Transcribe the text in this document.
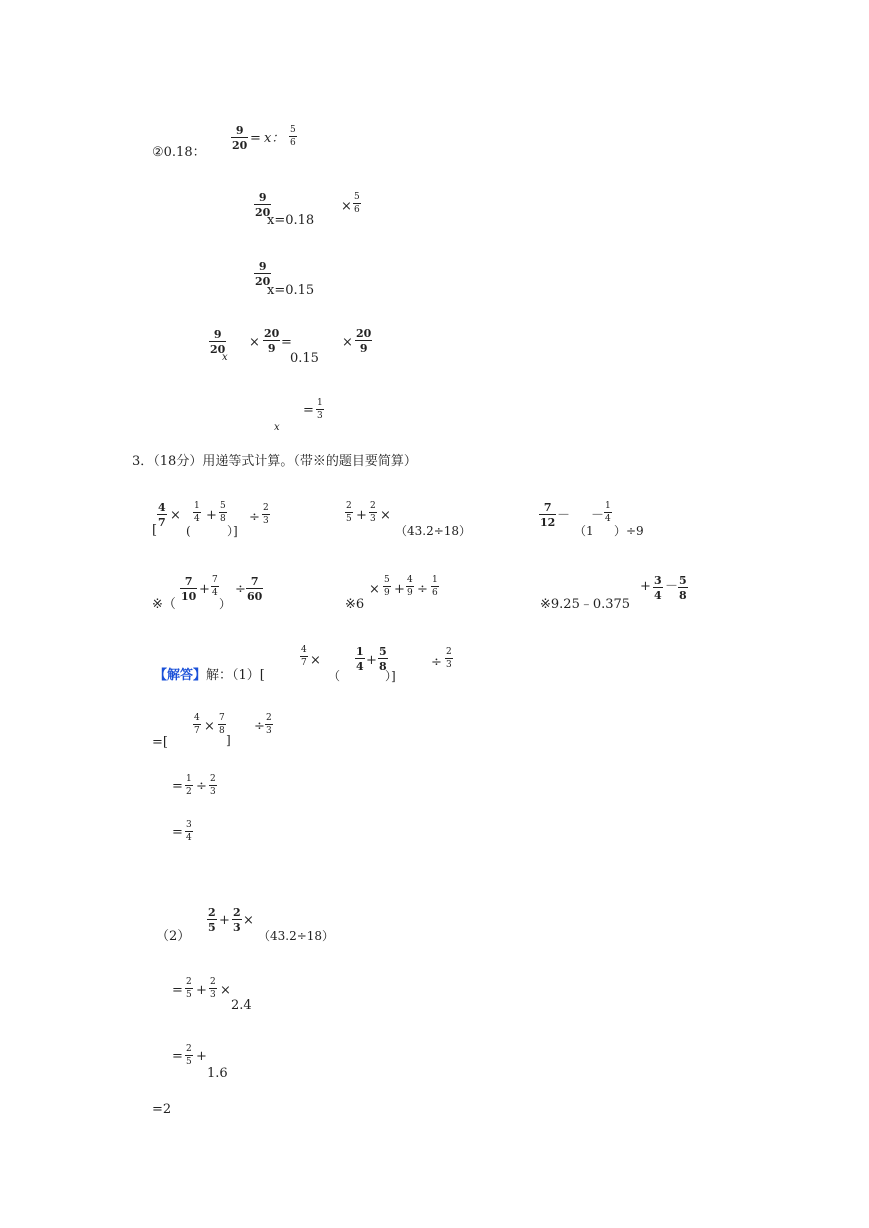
②0.18：
9
20 = x：
5
6
9
20
x=0.18
×
5
6
9
20
x=0.15
9
20
x
×
20
9 =
0.15
×
20
9
x
= 1
3
3．（18分）用递等式计算。（带※的题目要简算）
[
4
7 ×
(
1
4 +
5
8
）]
÷
2
3
2
5 +
2
3 ×
（43.2÷18）
7
12 － －
（1
1
4
）÷9
※（
7
10 +
7
4
）
÷
7
60
※6
×
5
9 +
4
9 ÷
1
6
※9.25﹣0.375
+ 3
4
－ 5
8
【解答】 解：（1）[
4
7 ×
（
1
4 +
5
8
）]
÷
2
3
=[
4
7 ×
7
8
]
÷
2
3
= 1
2 ÷ 2
3
= 3
4
（2）
2
5 +
2
3 ×
（43.2÷18）
=
2
5 +
2
3 ×
2.4
= 2
5 +
1.6
=2
